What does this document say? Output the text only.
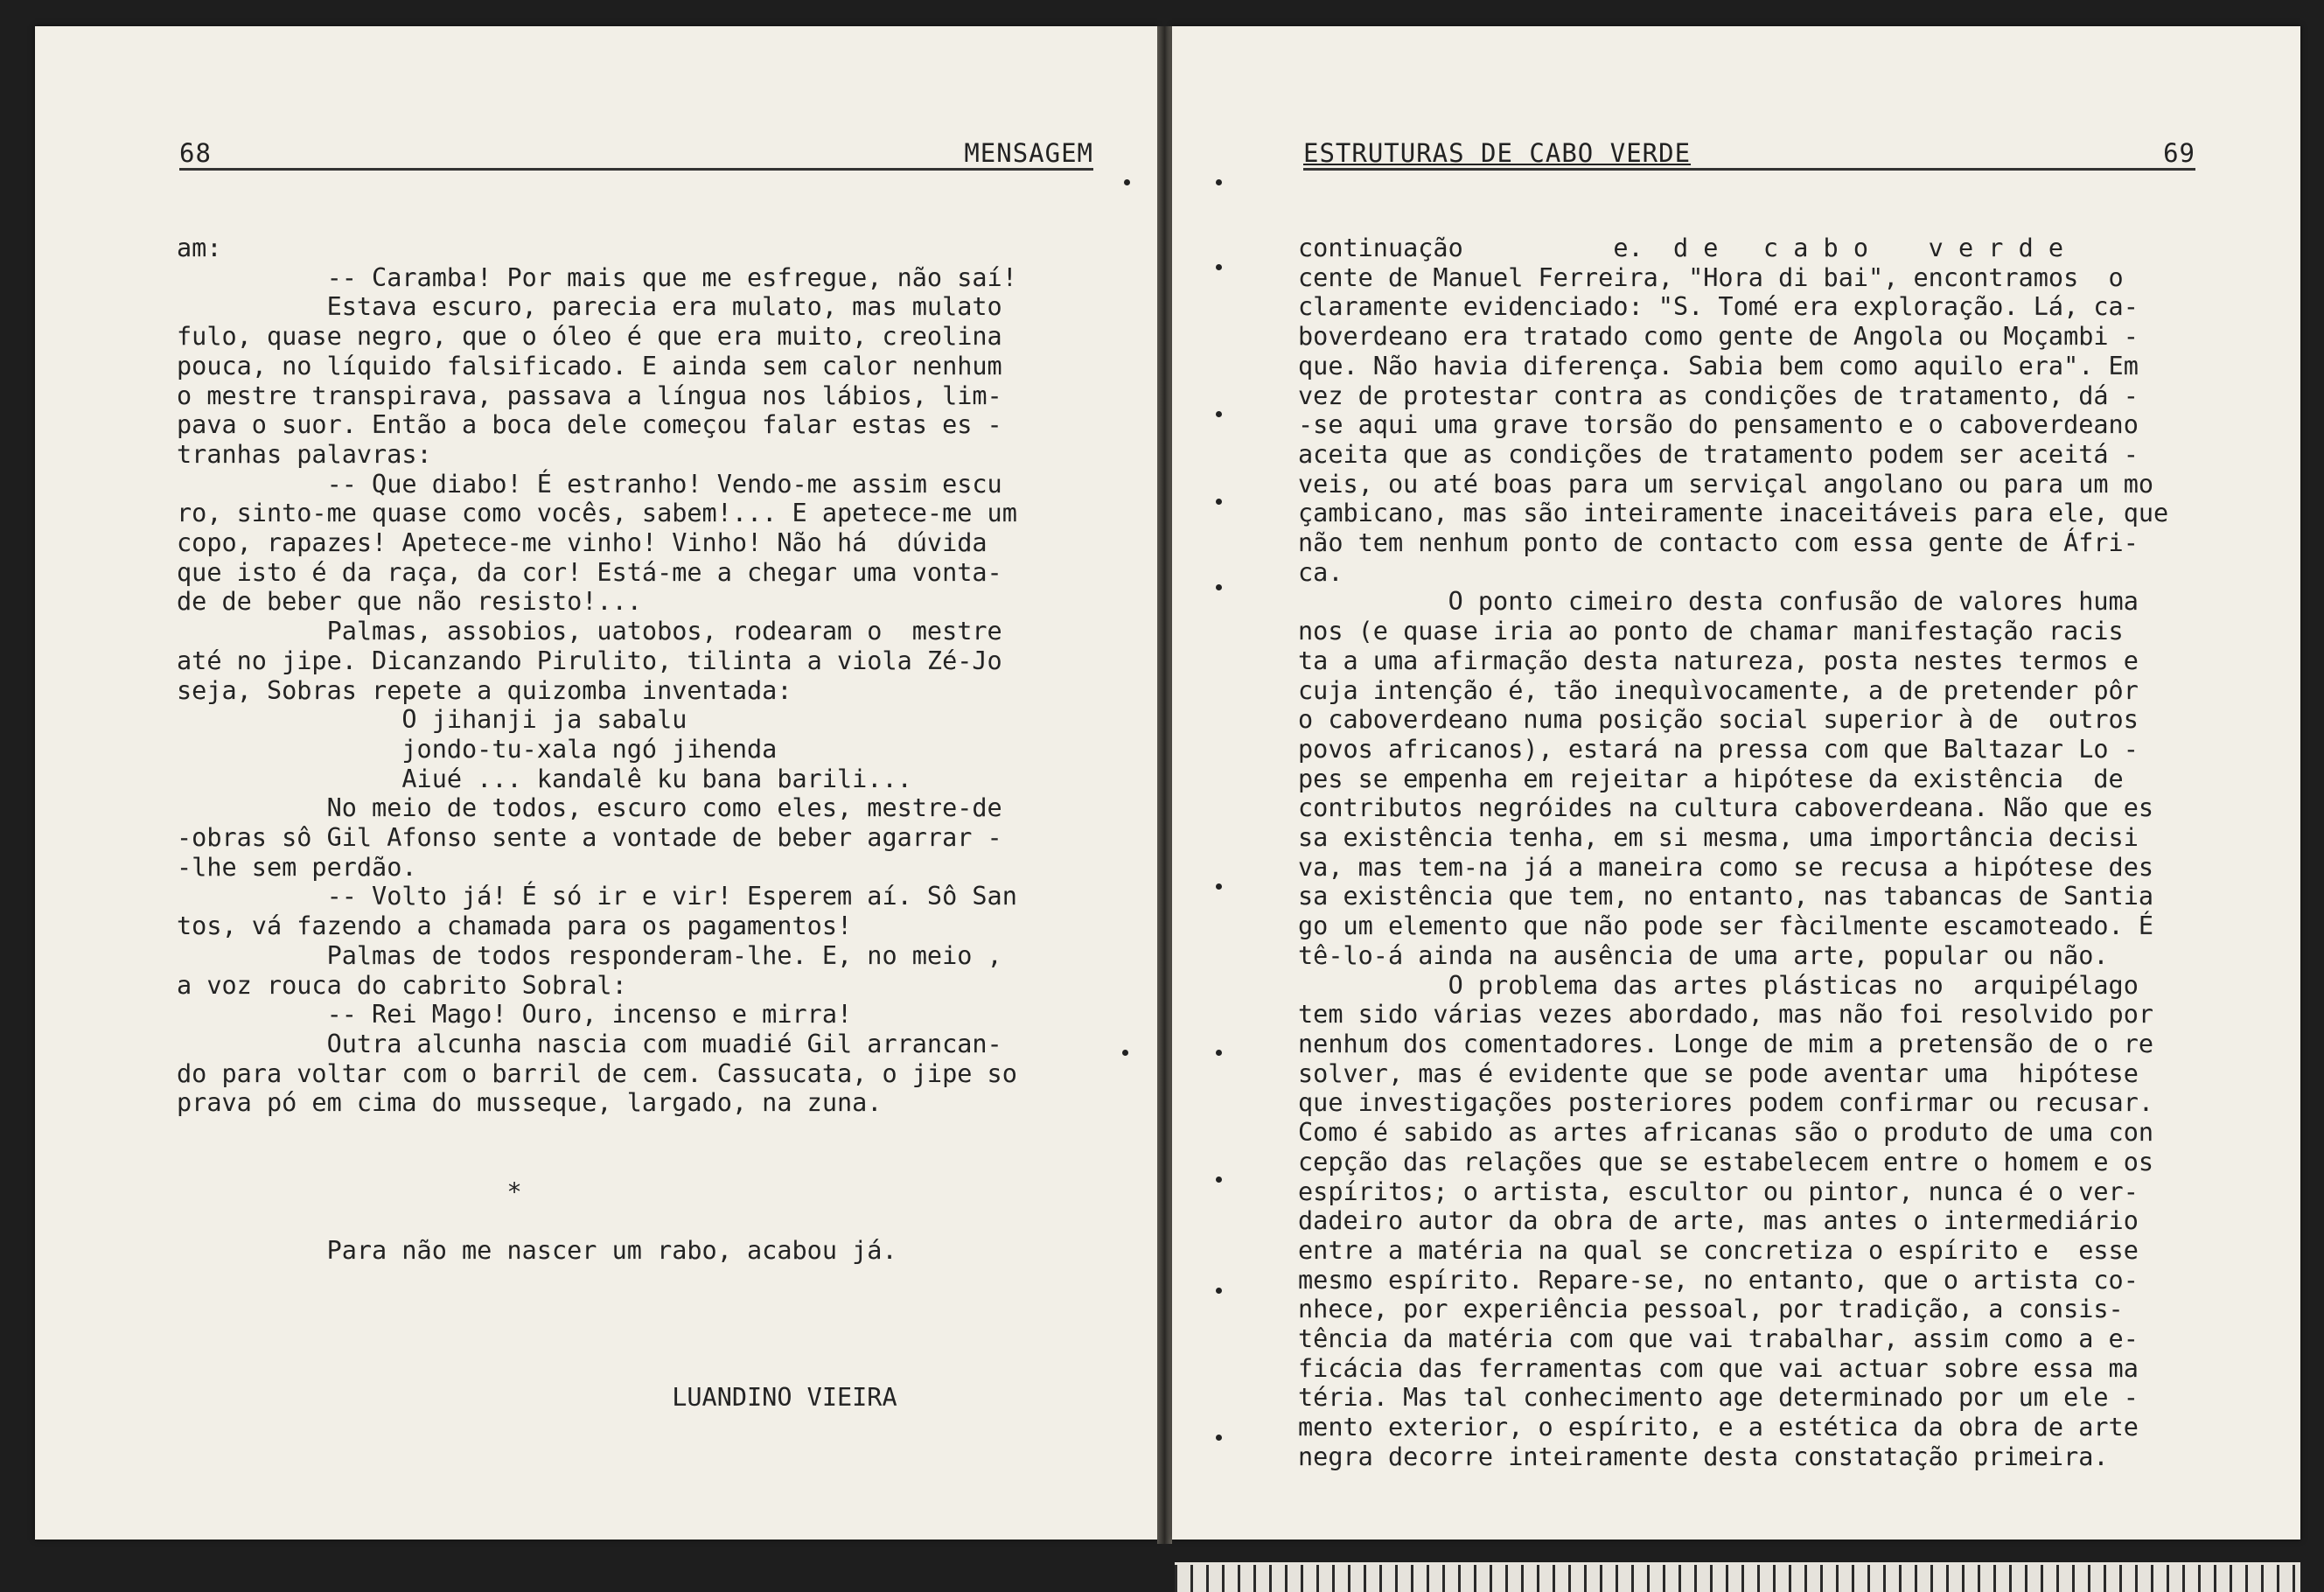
68	MENSAGEM
am:
-- Caramba! Por mais que me esfregue, não saí!
Estava escuro, parecia era mulato, mas mulato
fulo, quase negro, que o óleo é que era muito, creolina
pouca, no líquido falsificado. E ainda sem calor nenhum
o mestre transpirava, passava a língua nos lábios, lim-
pava o suor. Então a boca dele começou falar estas es -
tranhas palavras:
-- Que diabo! É estranho! Vendo-me assim escu
ro, sinto-me quase como vocês, sabem!... E apetece-me um
copo, rapazes! Apetece-me vinho! Vinho! Não há  dúvida
que isto é da raça, da cor! Está-me a chegar uma vonta-
de de beber que não resisto!...
Palmas, assobios, uatobos, rodearam o  mestre
até no jipe. Dicanzando Pirulito, tilinta a viola Zé-Jo
seja, Sobras repete a quizomba inventada:
O jihanji ja sabalu
jondo-tu-xala ngó jihenda
Aiué ... kandalê ku bana barili...
No meio de todos, escuro como eles, mestre-de
-obras sô Gil Afonso sente a vontade de beber agarrar -
-lhe sem perdão.
-- Volto já! É só ir e vir! Esperem aí. Sô San
tos, vá fazendo a chamada para os pagamentos!
Palmas de todos responderam-lhe. E, no meio ,
a voz rouca do cabrito Sobral:
-- Rei Mago! Ouro, incenso e mirra!
Outra alcunha nascia com muadié Gil arrancan-
do para voltar com o barril de cem. Cassucata, o jipe so
prava pó em cima do musseque, largado, na zuna.

*

Para não me nascer um rabo, acabou já.

LUANDINO VIEIRA
ESTRUTURAS DE CABO VERDE	69
continuação          e.  d e   c a b o    v e r d e
cente de Manuel Ferreira, "Hora di bai", encontramos  o
claramente evidenciado: "S. Tomé era exploração. Lá, ca-
boverdeano era tratado como gente de Angola ou Moçambi -
que. Não havia diferença. Sabia bem como aquilo era". Em
vez de protestar contra as condições de tratamento, dá -
-se aqui uma grave torsão do pensamento e o caboverdeano
aceita que as condições de tratamento podem ser aceitá -
veis, ou até boas para um serviçal angolano ou para um mo
çambicano, mas são inteiramente inaceitáveis para ele, que
não tem nenhum ponto de contacto com essa gente de Áfri-
ca.
O ponto cimeiro desta confusão de valores huma
nos (e quase iria ao ponto de chamar manifestação racis
ta a uma afirmação desta natureza, posta nestes termos e
cuja intenção é, tão inequìvocamente, a de pretender pôr
o caboverdeano numa posição social superior à de  outros
povos africanos), estará na pressa com que Baltazar Lo -
pes se empenha em rejeitar a hipótese da existência  de
contributos negróides na cultura caboverdeana. Não que es
sa existência tenha, em si mesma, uma importância decisi
va, mas tem-na já a maneira como se recusa a hipótese des
sa existência que tem, no entanto, nas tabancas de Santia
go um elemento que não pode ser fàcilmente escamoteado. É
tê-lo-á ainda na ausência de uma arte, popular ou não.
O problema das artes plásticas no  arquipélago
tem sido várias vezes abordado, mas não foi resolvido por
nenhum dos comentadores. Longe de mim a pretensão de o re
solver, mas é evidente que se pode aventar uma  hipótese
que investigações posteriores podem confirmar ou recusar.
Como é sabido as artes africanas são o produto de uma con
cepção das relações que se estabelecem entre o homem e os
espíritos; o artista, escultor ou pintor, nunca é o ver-
dadeiro autor da obra de arte, mas antes o intermediário
entre a matéria na qual se concretiza o espírito e  esse
mesmo espírito. Repare-se, no entanto, que o artista co-
nhece, por experiência pessoal, por tradição, a consis-
tência da matéria com que vai trabalhar, assim como a e-
ficácia das ferramentas com que vai actuar sobre essa ma
téria. Mas tal conhecimento age determinado por um ele -
mento exterior, o espírito, e a estética da obra de arte
negra decorre inteiramente desta constatação primeira.
